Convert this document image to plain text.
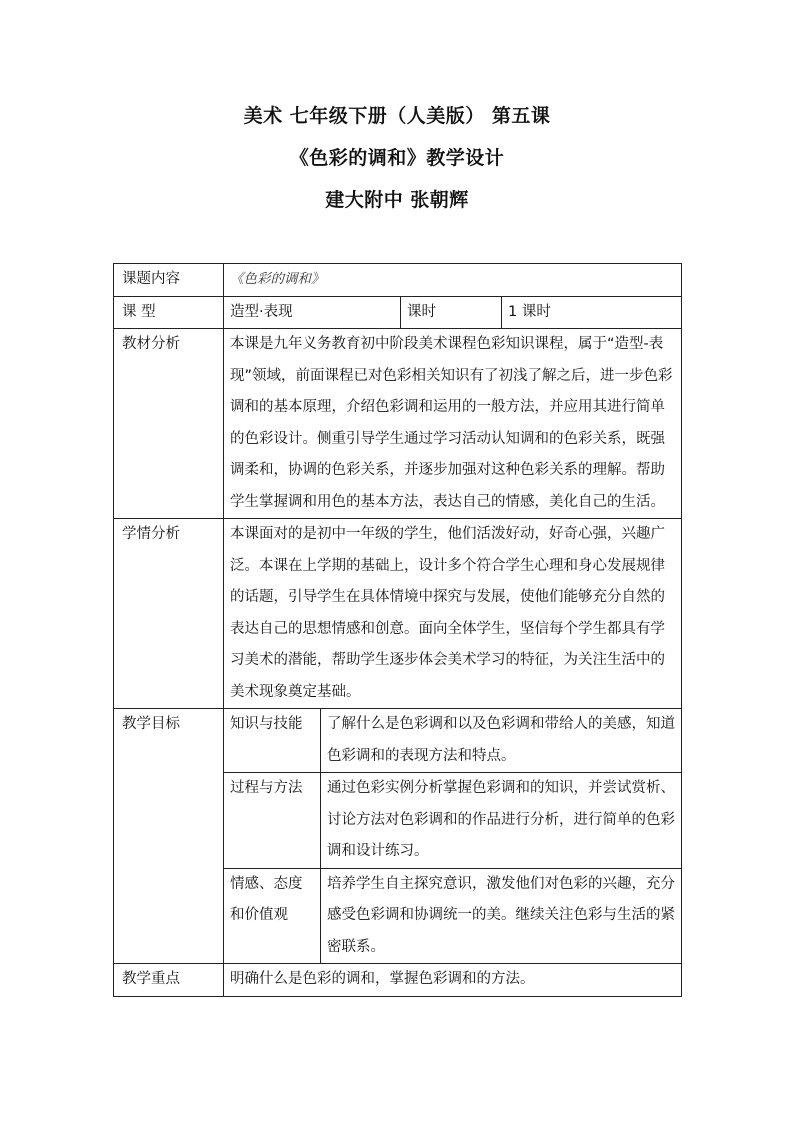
美术 七年级下册（人美版） 第五课
《色彩的调和》教学设计
建大附中 张朝辉
课题内容	《色彩的调和》			
课 型	造型·表现		课时	1 课时
教材分析	本课是九年义务教育初中阶段美术课程色彩知识课程，属于“造型-表现”领域，前面课程已对色彩相关知识有了初浅了解之后，进一步色彩调和的基本原理，介绍色彩调和运用的一般方法，并应用其进行简单的色彩设计。侧重引导学生通过学习活动认知调和的色彩关系，既强调柔和，协调的色彩关系，并逐步加强对这种色彩关系的理解。帮助学生掌握调和用色的基本方法，表达自己的情感，美化自己的生活。			
学情分析	本课面对的是初中一年级的学生，他们活泼好动，好奇心强，兴趣广泛。本课在上学期的基础上，设计多个符合学生心理和身心发展规律的话题，引导学生在具体情境中探究与发展，使他们能够充分自然的表达自己的思想情感和创意。面向全体学生，坚信每个学生都具有学习美术的潜能，帮助学生逐步体会美术学习的特征，为关注生活中的美术现象奠定基础。			
教学目标	知识与技能	了解什么是色彩调和以及色彩调和带给人的美感，知道色彩调和的表现方法和特点。		
	过程与方法	通过色彩实例分析掌握色彩调和的知识，并尝试赏析、讨论方法对色彩调和的作品进行分析，进行简单的色彩调和设计练习。		
	情感、态度和价值观	培养学生自主探究意识，激发他们对色彩的兴趣，充分感受色彩调和协调统一的美。继续关注色彩与生活的紧密联系。		
教学重点	明确什么是色彩的调和，掌握色彩调和的方法。			
